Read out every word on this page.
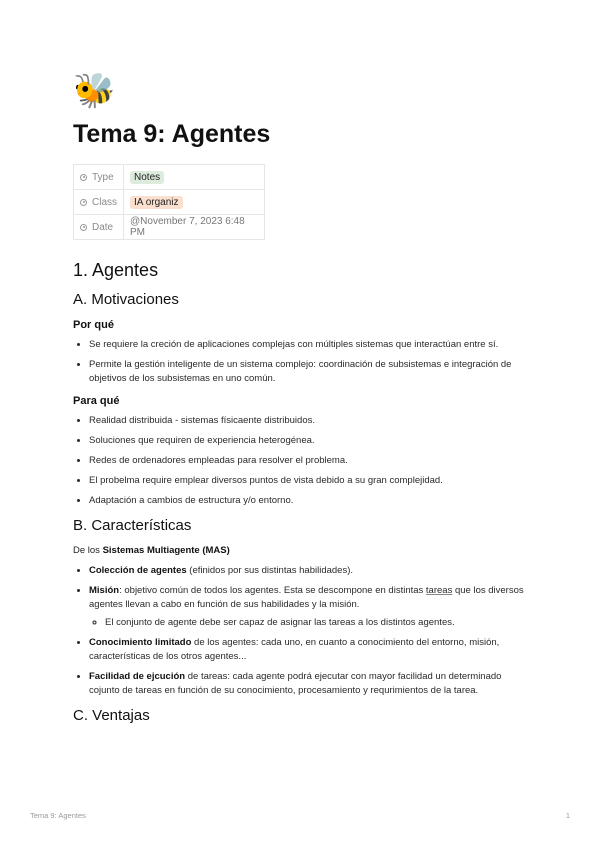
🐝
Tema 9: Agentes
Type	Notes
Class	IA organiz
Date	@November 7, 2023 6:48 PM
1. Agentes
A. Motivaciones
Por qué
• Se requiere la creción de aplicaciones complejas con múltiples sistemas que interactúan entre sí.
• Permite la gestión inteligente de un sistema complejo: coordinación de subsistemas e integración de objetivos de los subsistemas en uno común.
Para qué
• Realidad distribuida - sistemas físicaente distribuidos.
• Soluciones que requiren de experiencia heterogénea.
• Redes de ordenadores empleadas para resolver el problema.
• El probelma require emplear diversos puntos de vista debido a su gran complejidad.
• Adaptación a cambios de estructura y/o entorno.
B. Características

De los Sistemas Multiagente (MAS)

• Colección de agentes (efinidos por sus distintas habilidades).
• Misión: objetivo común de todos los agentes. Esta se descompone en distintas tareas que los diversos agentes llevan a cabo en función de sus habilidades y la misión.
◦ El conjunto de agente debe ser capaz de asignar las tareas a los distintos agentes.
• Conocimiento limitado de los agentes: cada uno, en cuanto a conocimiento del entorno, misión, características de los otros agentes...
• Facilidad de ejcución de tareas: cada agente podrá ejecutar con mayor facilidad un determinado cojunto de tareas en función de su conocimiento, procesamiento y requrimientos de la tarea.
C. Ventajas
Tema 9: Agentes	1
